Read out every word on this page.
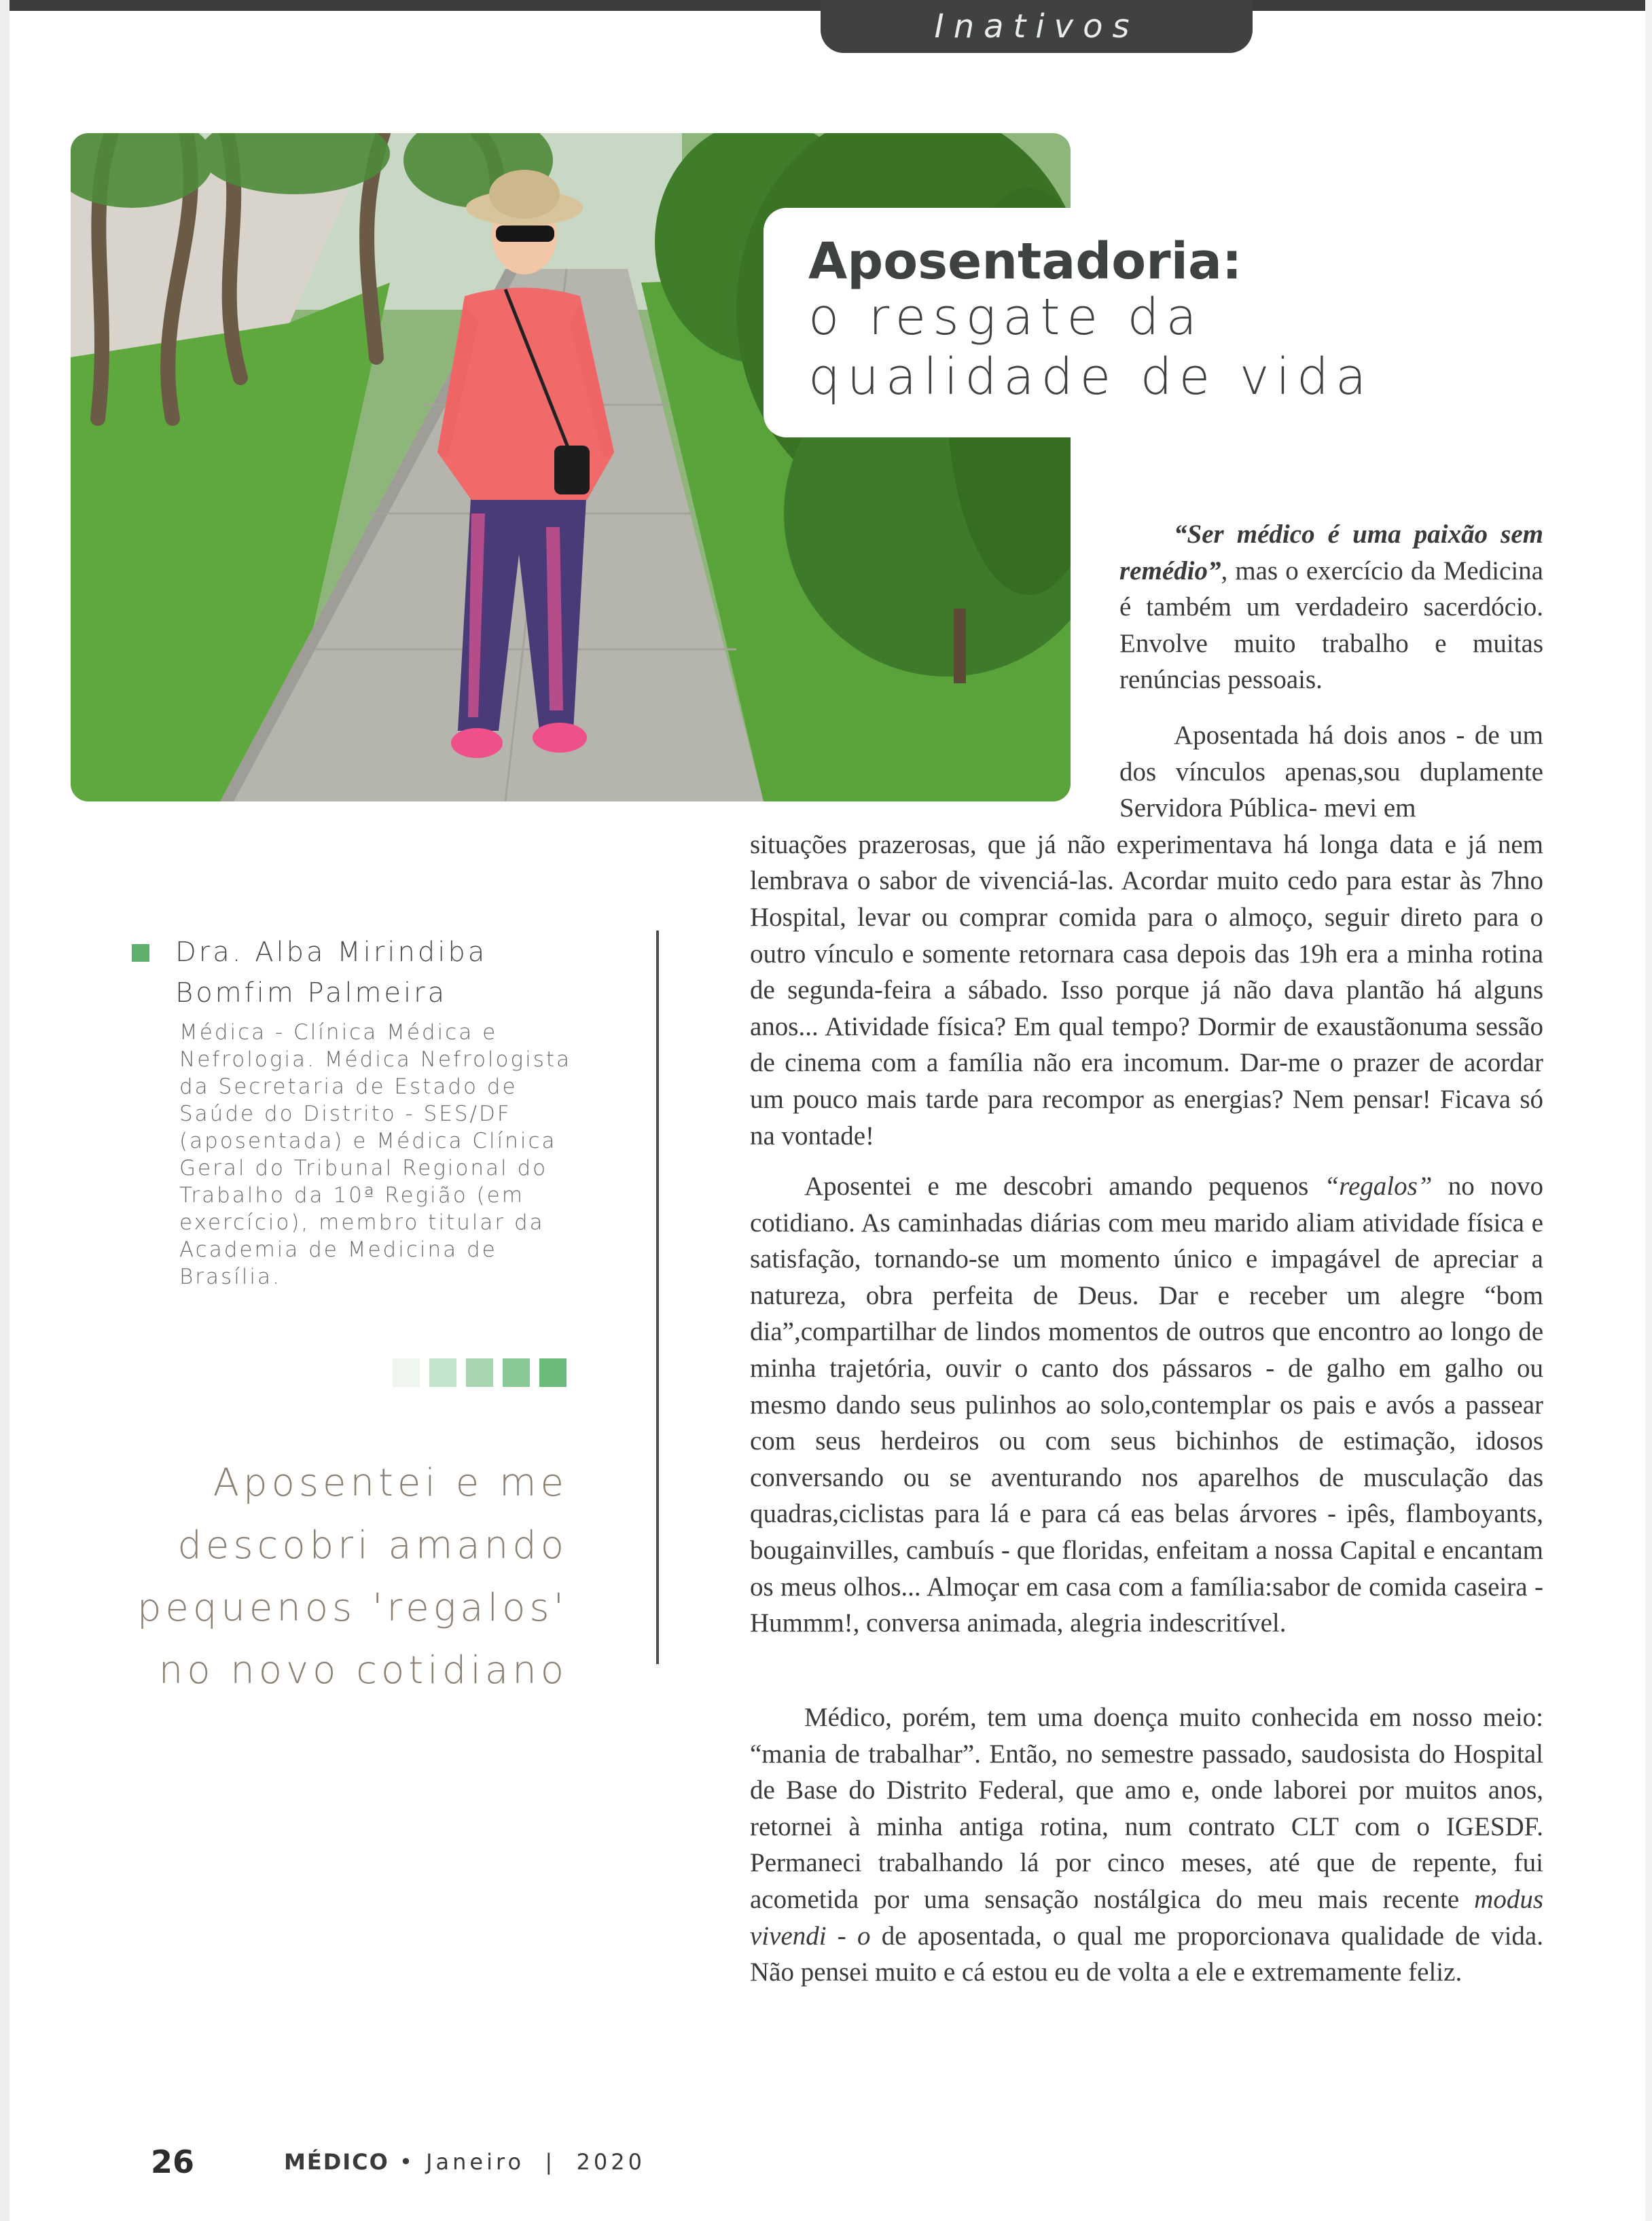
Inativos
Aposentadoria:

o resgate da

qualidade de vida

Dra. Alba Mirindiba Bomfim Palmeira

Médica - Clínica Médica e Nefrologia. Médica Nefrologista da Secretaria de Estado de Saúde do Distrito - SES/DF (aposentada) e Médica Clínica Geral do Tribunal Regional do Trabalho da 10ª Região (em exercício), membro titular da Academia de Medicina de Brasília.

Aposentei e me descobri amando pequenos 'regalos' no novo cotidiano

“Ser médico é uma paixão sem remédio”, mas o exercício da Medicina é também um verdadeiro sacerdócio. Envolve muito trabalho e muitas renúncias pessoais.

Aposentada há dois anos - de um dos vínculos apenas,sou duplamente Servidora Pública- mevi em
situações prazerosas, que já não experimentava há longa data e já nem lembrava o sabor de vivenciá-las. Acordar muito cedo para estar às 7hno Hospital, levar ou comprar comida para o almoço, seguir direto para o outro vínculo e somente retornara casa depois das 19h era a minha rotina de segunda-feira a sábado. Isso porque já não dava plantão há alguns anos... Atividade física? Em qual tempo? Dormir de exaustãonuma sessão de cinema com a família não era incomum. Dar-me o prazer de acordar um pouco mais tarde para recompor as energias? Nem pensar! Ficava só na vontade!

Aposentei e me descobri amando pequenos “regalos” no novo cotidiano. As caminhadas diárias com meu marido aliam atividade física e satisfação, tornando-se um momento único e impagável de apreciar a natureza, obra perfeita de Deus. Dar e receber um alegre “bom dia”,compartilhar de lindos momentos de outros que encontro ao longo de minha trajetória, ouvir o canto dos pássaros - de galho em galho ou mesmo dando seus pulinhos ao solo,contemplar os pais e avós a passear com seus herdeiros ou com seus bichinhos de estimação, idosos conversando ou se aventurando nos aparelhos de musculação das quadras,ciclistas para lá e para cá eas belas árvores - ipês, flamboyants, bougainvilles, cambuís - que floridas, enfeitam a nossa Capital e encantam os meus olhos... Almoçar em casa com a família:sabor de comida caseira - Hummm!, conversa animada, alegria indescritível.

Médico, porém, tem uma doença muito conhecida em nosso meio: “mania de trabalhar”. Então, no semestre passado, saudosista do Hospital de Base do Distrito Federal, que amo e, onde laborei por muitos anos, retornei à minha antiga rotina, num contrato CLT com o IGESDF. Permaneci trabalhando lá por cinco meses, até que de repente, fui acometida por uma sensação nostálgica do meu mais recente modus vivendi - o de aposentada, o qual me proporcionava qualidade de vida. Não pensei muito e cá estou eu de volta a ele e extremamente feliz.

26	MÉDICO • Janeiro | 2020
